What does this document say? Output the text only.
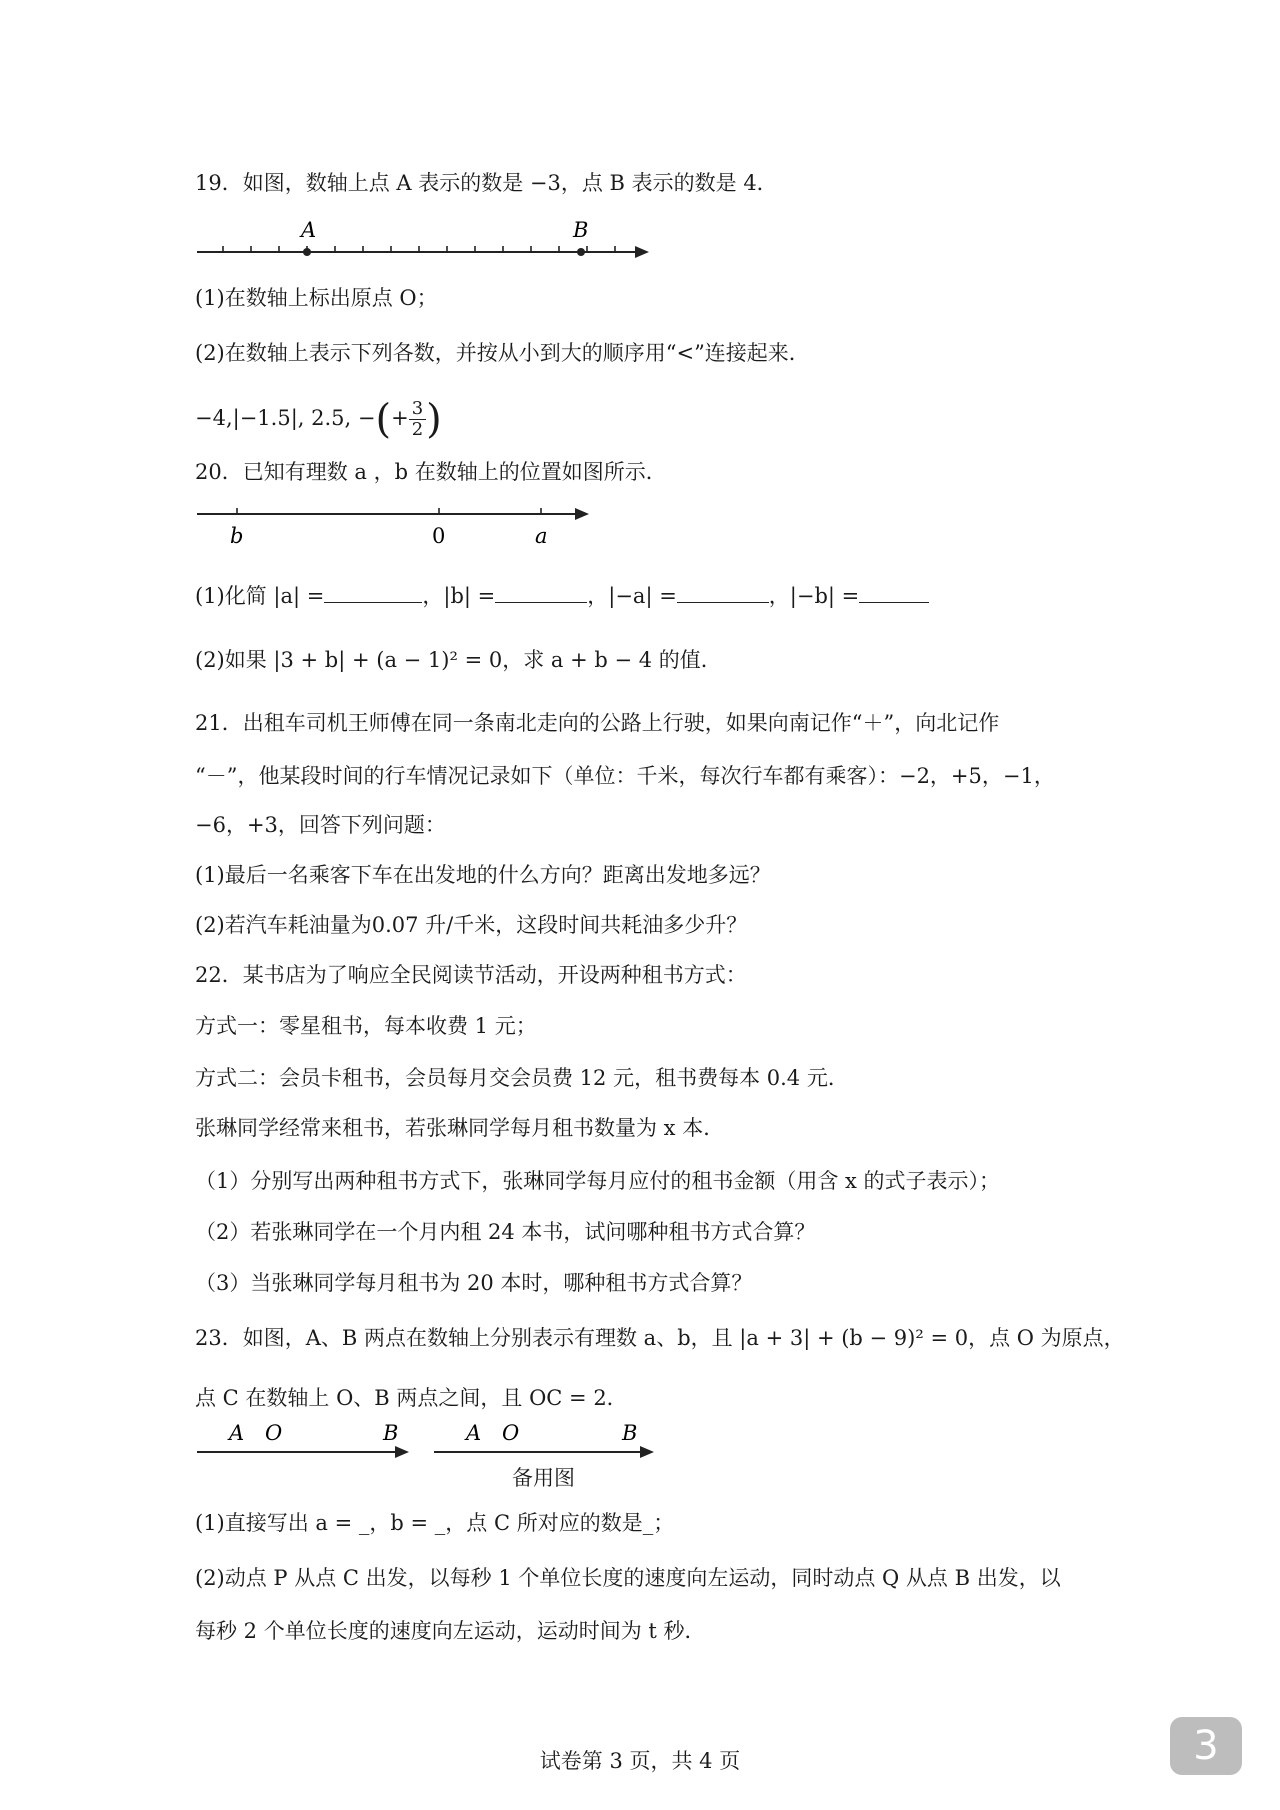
19．如图，数轴上点 A 表示的数是 −3，点 B 表示的数是 4．
A	B
(1)在数轴上标出原点 O；
(2)在数轴上表示下列各数，并按从小到大的顺序用“<”连接起来．
−4,|−1.5|, 2.5, −(+ $\frac{3}{2}$ )
20．已知有理数 a ，b 在数轴上的位置如图所示．
b	0	a
(1)化简 |a| =	，|b| =	，|−a| =	，|−b| =
(2)如果 |3 + b| + (a − 1)² = 0，求 a + b − 4 的值．
21．出租车司机王师傅在同一条南北走向的公路上行驶，如果向南记作“＋”，向北记作
“－”，他某段时间的行车情况记录如下（单位：千米，每次行车都有乘客）：−2，+5，−1，
−6，+3，回答下列问题：
(1)最后一名乘客下车在出发地的什么方向？距离出发地多远？
(2)若汽车耗油量为0.07 升/千米，这段时间共耗油多少升？
22．某书店为了响应全民阅读节活动，开设两种租书方式：
方式一：零星租书，每本收费 1 元；
方式二：会员卡租书，会员每月交会员费 12 元，租书费每本 0.4 元．
张琳同学经常来租书，若张琳同学每月租书数量为 x 本．
（1）分别写出两种租书方式下，张琳同学每月应付的租书金额（用含 x 的式子表示）；
（2）若张琳同学在一个月内租 24 本书，试问哪种租书方式合算？
（3）当张琳同学每月租书为 20 本时，哪种租书方式合算？
23．如图，A、B 两点在数轴上分别表示有理数 a、b，且 |a + 3| + (b − 9)² = 0，点 O 为原点，
点 C 在数轴上 O、B 两点之间，且 OC = 2．
A O	B	A O	B
备用图
(1)直接写出 a = _，b = _，点 C 所对应的数是_；
(2)动点 P 从点 C 出发，以每秒 1 个单位长度的速度向左运动，同时动点 Q 从点 B 出发，以
每秒 2 个单位长度的速度向左运动，运动时间为 t 秒．
试卷第 3 页，共 4 页	3
